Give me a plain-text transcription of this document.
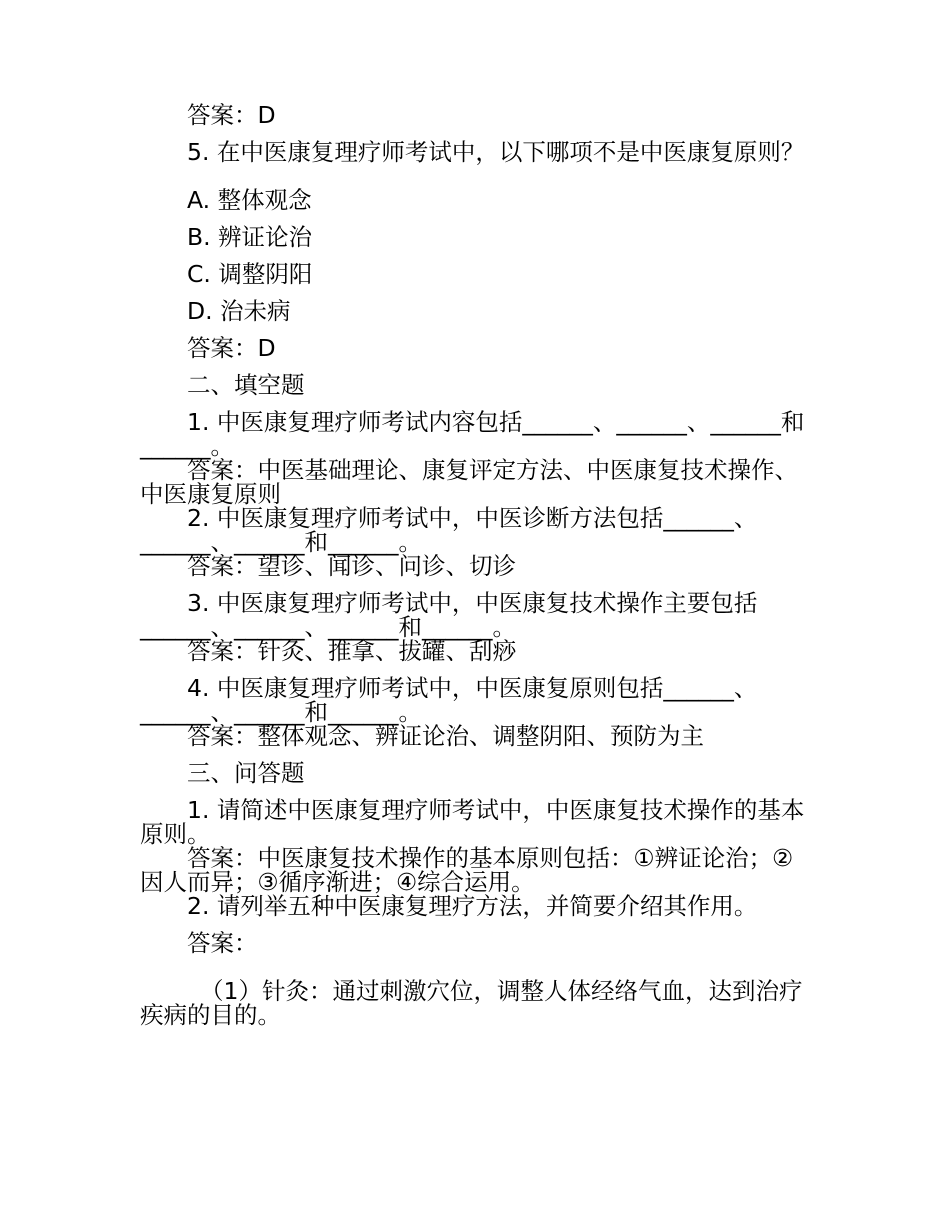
答案：D

5. 在中医康复理疗师考试中，以下哪项不是中医康复原则？

A. 整体观念

B. 辨证论治

C. 调整阴阳

D. 治未病

答案：D

二、填空题

1. 中医康复理疗师考试内容包括______、______、______和______。

答案：中医基础理论、康复评定方法、中医康复技术操作、中医康复原则

2. 中医康复理疗师考试中，中医诊断方法包括______、______、______和______。

答案：望诊、闻诊、问诊、切诊

3. 中医康复理疗师考试中，中医康复技术操作主要包括______、______、______和______。

答案：针灸、推拿、拔罐、刮痧

4. 中医康复理疗师考试中，中医康复原则包括______、______、______和______。

答案：整体观念、辨证论治、调整阴阳、预防为主

三、问答题

1. 请简述中医康复理疗师考试中，中医康复技术操作的基本原则。

答案：中医康复技术操作的基本原则包括：①辨证论治；②因人而异；③循序渐进；④综合运用。

2. 请列举五种中医康复理疗方法，并简要介绍其作用。

答案：

（1）针灸：通过刺激穴位，调整人体经络气血，达到治疗疾病的目的。
